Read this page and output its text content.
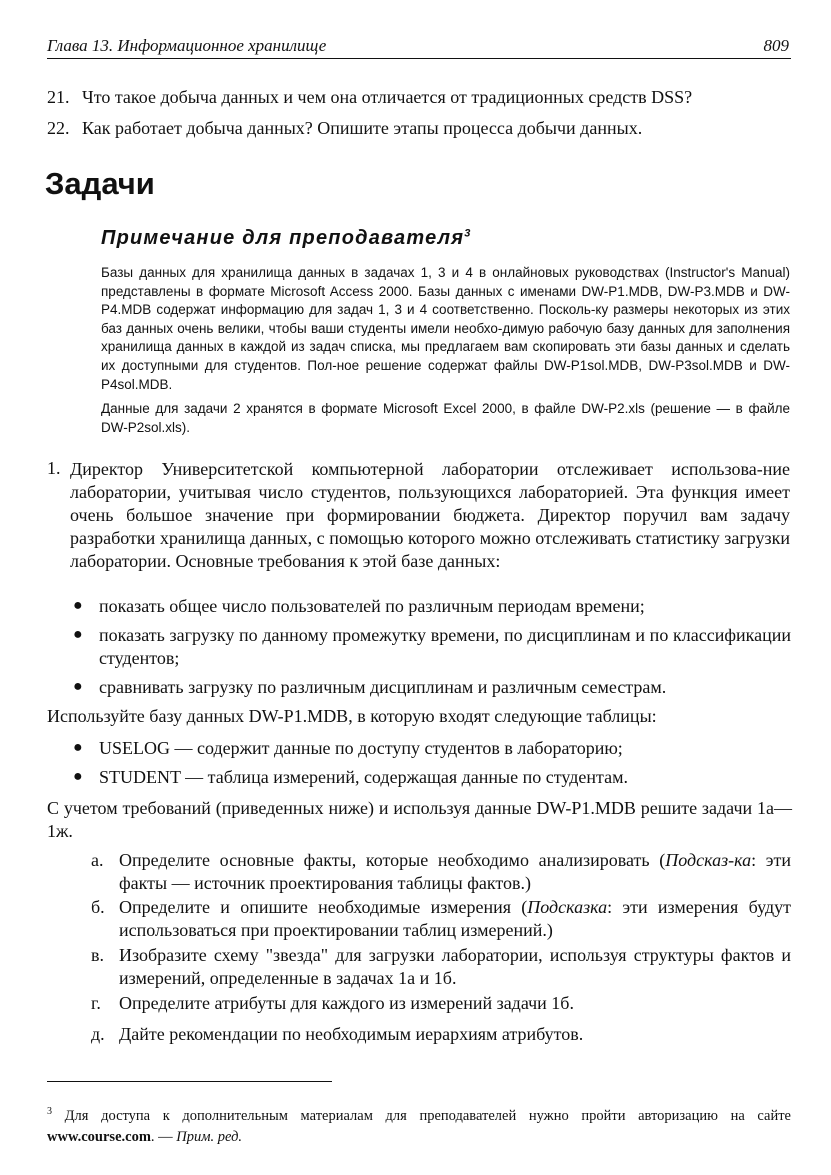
Глава 13. Информационное хранилище	809
21. Что такое добыча данных и чем она отличается от традиционных средств DSS?
22. Как работает добыча данных? Опишите этапы процесса добычи данных.
Задачи
Примечание для преподавателя$^3$
Базы данных для хранилища данных в задачах 1, 3 и 4 в онлайновых руководствах (Instructor's Manual) представлены в формате Microsoft Access 2000. Базы данных с именами DW-P1.MDB, DW-P3.MDB и DW-P4.MDB содержат информацию для задач 1, 3 и 4 соответственно. Посколь-ку размеры некоторых из этих баз данных очень велики, чтобы ваши студенты имели необхо-димую рабочую базу данных для заполнения хранилища данных в каждой из задач списка, мы предлагаем вам скопировать эти базы данных и сделать их доступными для студентов. Пол-ное решение содержат файлы DW-P1sol.MDB, DW-P3sol.MDB и DW-P4sol.MDB.
Данные для задачи 2 хранятся в формате Microsoft Excel 2000, в файле DW-P2.xls (решение — в файле DW-P2sol.xls).
1. Директор Университетской компьютерной лаборатории отслеживает использова-ние лаборатории, учитывая число студентов, пользующихся лабораторией. Эта функция имеет очень большое значение при формировании бюджета. Директор поручил вам задачу разработки хранилища данных, с помощью которого можно отслеживать статистику загрузки лаборатории. Основные требования к этой базе данных:
● показать общее число пользователей по различным периодам времени;
● показать загрузку по данному промежутку времени, по дисциплинам и по классификации студентов;
● сравнивать загрузку по различным дисциплинам и различным семестрам.
Используйте базу данных DW-P1.MDB, в которую входят следующие таблицы:
● USELOG — содержит данные по доступу студентов в лабораторию;
● STUDENT — таблица измерений, содержащая данные по студентам.
С учетом требований (приведенных ниже) и используя данные DW-P1.MDB решите задачи 1а—1ж.
а. Определите основные факты, которые необходимо анализировать (Подсказ-ка: эти факты — источник проектирования таблицы фактов.)
б. Определите и опишите необходимые измерения (Подсказка: эти измерения будут использоваться при проектировании таблиц измерений.)
в. Изобразите схему "звезда" для загрузки лаборатории, используя структуры фактов и измерений, определенные в задачах 1а и 1б.
г.	Определите атрибуты для каждого из измерений задачи 1б.
д. Дайте рекомендации по необходимым иерархиям атрибутов.
$^3$ Для доступа к дополнительным материалам для преподавателей нужно пройти авторизацию на сайте www.course.com. — Прим. ред.
